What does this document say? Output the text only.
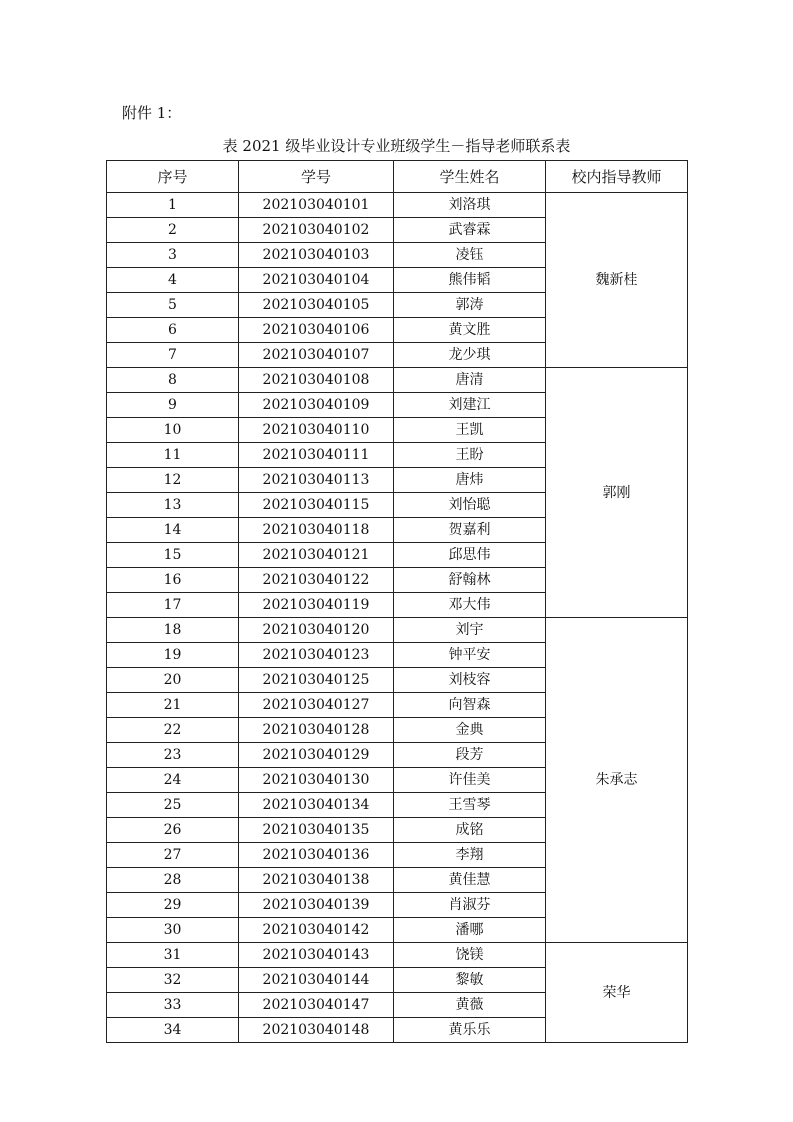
附件 1：
表 2021 级毕业设计专业班级学生－指导老师联系表
序号	学号	学生姓名	校内指导教师
1	202103040101	刘洛琪	魏新桂
2	202103040102	武睿霖	
3	202103040103	凌钰	
4	202103040104	熊伟韬	
5	202103040105	郭涛	
6	202103040106	黄文胜	
7	202103040107	龙少琪	
8	202103040108	唐清	郭刚
9	202103040109	刘建江	
10	202103040110	王凯	
11	202103040111	王盼	
12	202103040113	唐炜	
13	202103040115	刘怡聪	
14	202103040118	贺嘉利	
15	202103040121	邱思伟	
16	202103040122	舒翰林	
17	202103040119	邓大伟	
18	202103040120	刘宇	朱承志
19	202103040123	钟平安	
20	202103040125	刘枝容	
21	202103040127	向智森	
22	202103040128	金典	
23	202103040129	段芳	
24	202103040130	许佳美	
25	202103040134	王雪琴	
26	202103040135	成铭	
27	202103040136	李翔	
28	202103040138	黄佳慧	
29	202103040139	肖淑芬	
30	202103040142	潘哪	
31	202103040143	饶镁	荣华
32	202103040144	黎敏	
33	202103040147	黄薇	
34	202103040148	黄乐乐	
